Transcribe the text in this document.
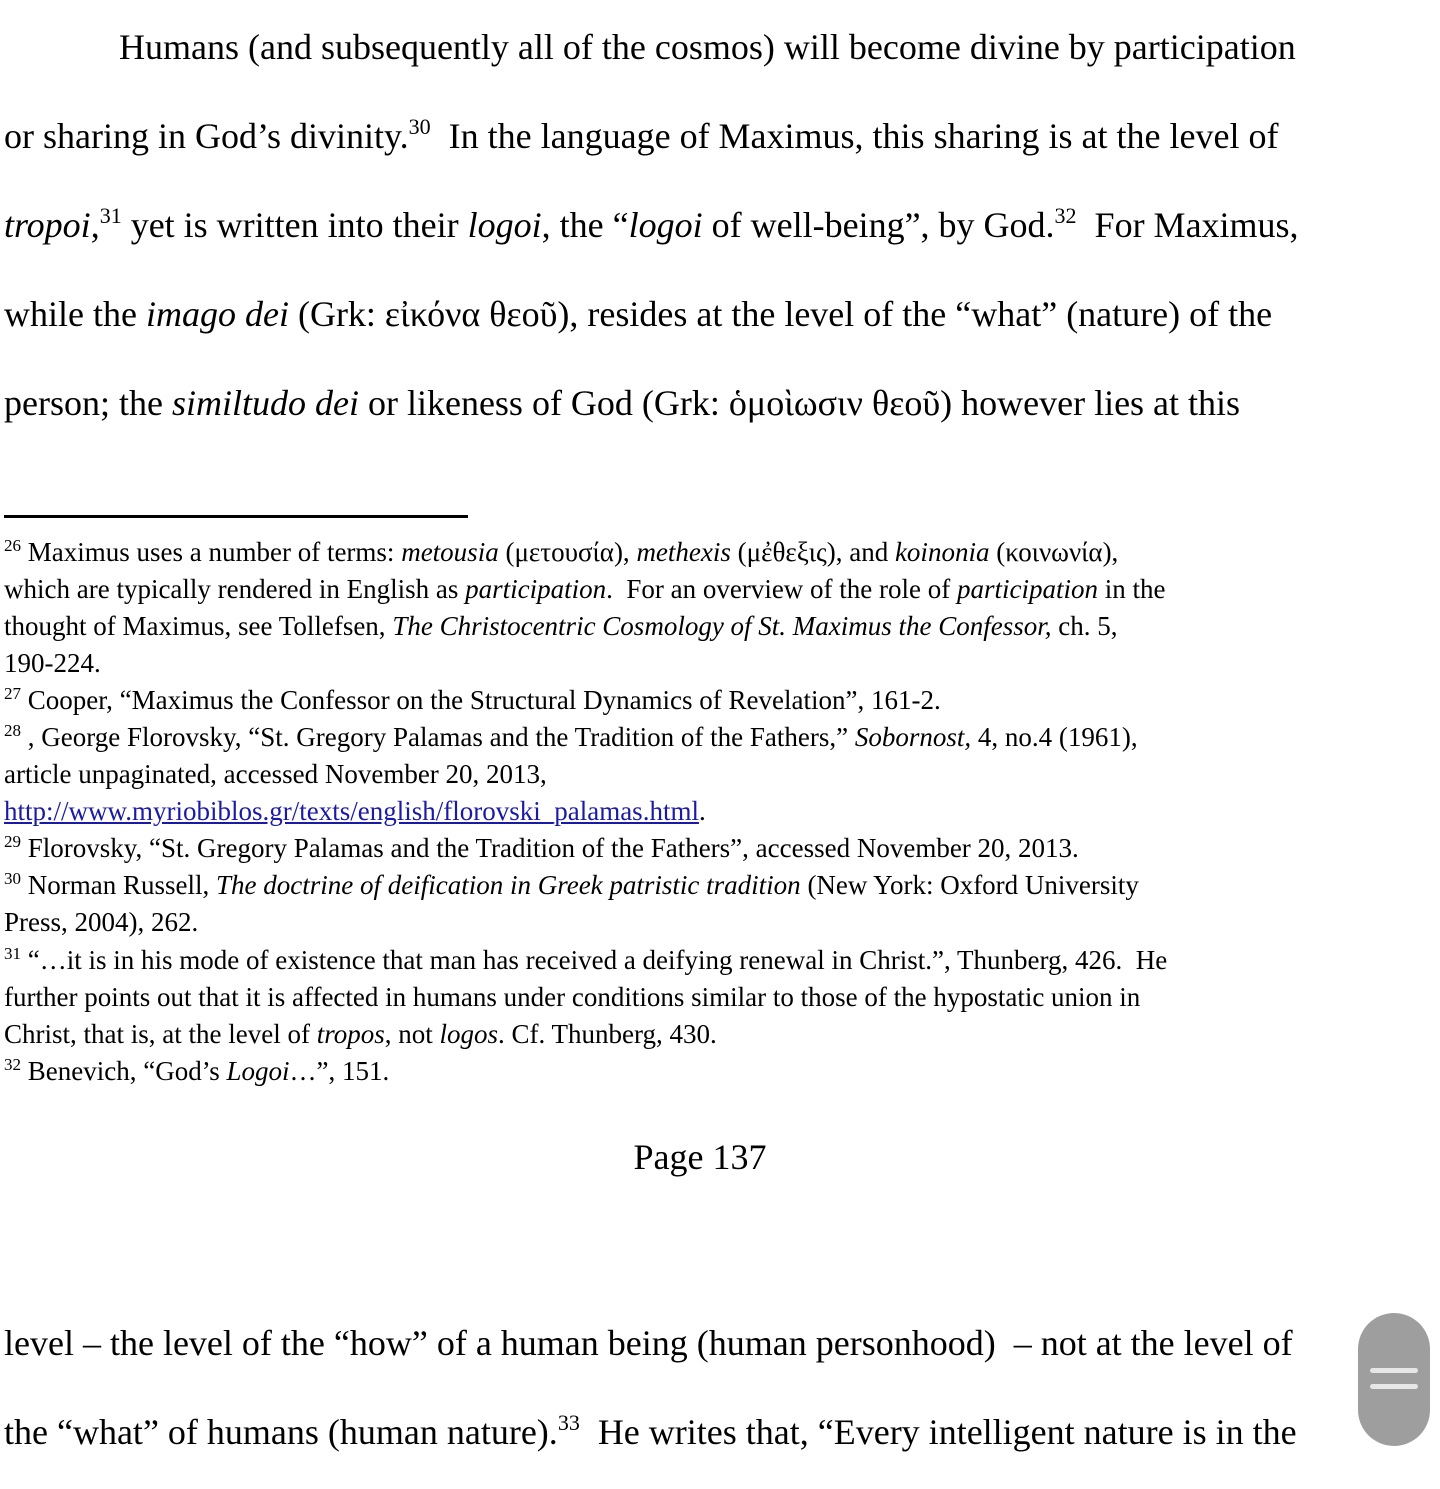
Humans (and subsequently all of the cosmos) will become divine by participation
or sharing in God’s divinity.$^{30}$  In the language of Maximus, this sharing is at the level of
tropoi,$^{31}$ yet is written into their logoi, the “logoi of well-being”, by God.$^{32}$  For Maximus,
while the imago dei (Grk: εἰκόνα θεοῦ), resides at the level of the “what” (nature) of the
person; the similtudo dei or likeness of God (Grk: ὁμοὶωσιν θεοῦ) however lies at this
$^{26}$ Maximus uses a number of terms: metousia (μετουσία), methexis (μἐθεξις), and koinonia (κοινωνία),
which are typically rendered in English as participation.  For an overview of the role of participation in the
thought of Maximus, see Tollefsen, The Christocentric Cosmology of St. Maximus the Confessor, ch. 5,
190-224.
$^{27}$ Cooper, “Maximus the Confessor on the Structural Dynamics of Revelation”, 161-2.
$^{28}$ , George Florovsky, “St. Gregory Palamas and the Tradition of the Fathers,” Sobornost, 4, no.4 (1961),
article unpaginated, accessed November 20, 2013,
http://www.myriobiblos.gr/texts/english/florovski_palamas.html.
$^{29}$ Florovsky, “St. Gregory Palamas and the Tradition of the Fathers”, accessed November 20, 2013.
$^{30}$ Norman Russell, The doctrine of deification in Greek patristic tradition (New York: Oxford University
Press, 2004), 262.
$^{31}$ “…it is in his mode of existence that man has received a deifying renewal in Christ.”, Thunberg, 426.  He
further points out that it is affected in humans under conditions similar to those of the hypostatic union in
Christ, that is, at the level of tropos, not logos. Cf. Thunberg, 430.
$^{32}$ Benevich, “God’s Logoi…”, 151.
Page 137
level – the level of the “how” of a human being (human personhood)  – not at the level of
the “what” of humans (human nature).$^{33}$  He writes that, “Every intelligent nature is in the
